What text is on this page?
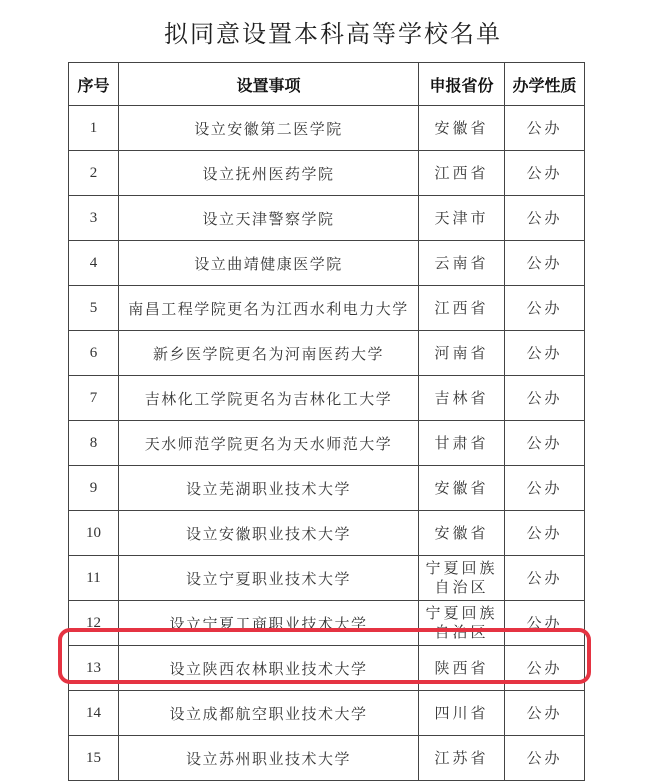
拟同意设置本科高等学校名单
序号	设置事项	申报省份	办学性质
1	设立安徽第二医学院	安徽省	公办
2	设立抚州医药学院	江西省	公办
3	设立天津警察学院	天津市	公办
4	设立曲靖健康医学院	云南省	公办
5	南昌工程学院更名为江西水利电力大学	江西省	公办
6	新乡医学院更名为河南医药大学	河南省	公办
7	吉林化工学院更名为吉林化工大学	吉林省	公办
8	天水师范学院更名为天水师范大学	甘肃省	公办
9	设立芜湖职业技术大学	安徽省	公办
10	设立安徽职业技术大学	安徽省	公办
11	设立宁夏职业技术大学	宁夏回族自治区	公办
12	设立宁夏工商职业技术大学	宁夏回族自治区	公办
13	设立陕西农林职业技术大学	陕西省	公办
14	设立成都航空职业技术大学	四川省	公办
15	设立苏州职业技术大学	江苏省	公办
